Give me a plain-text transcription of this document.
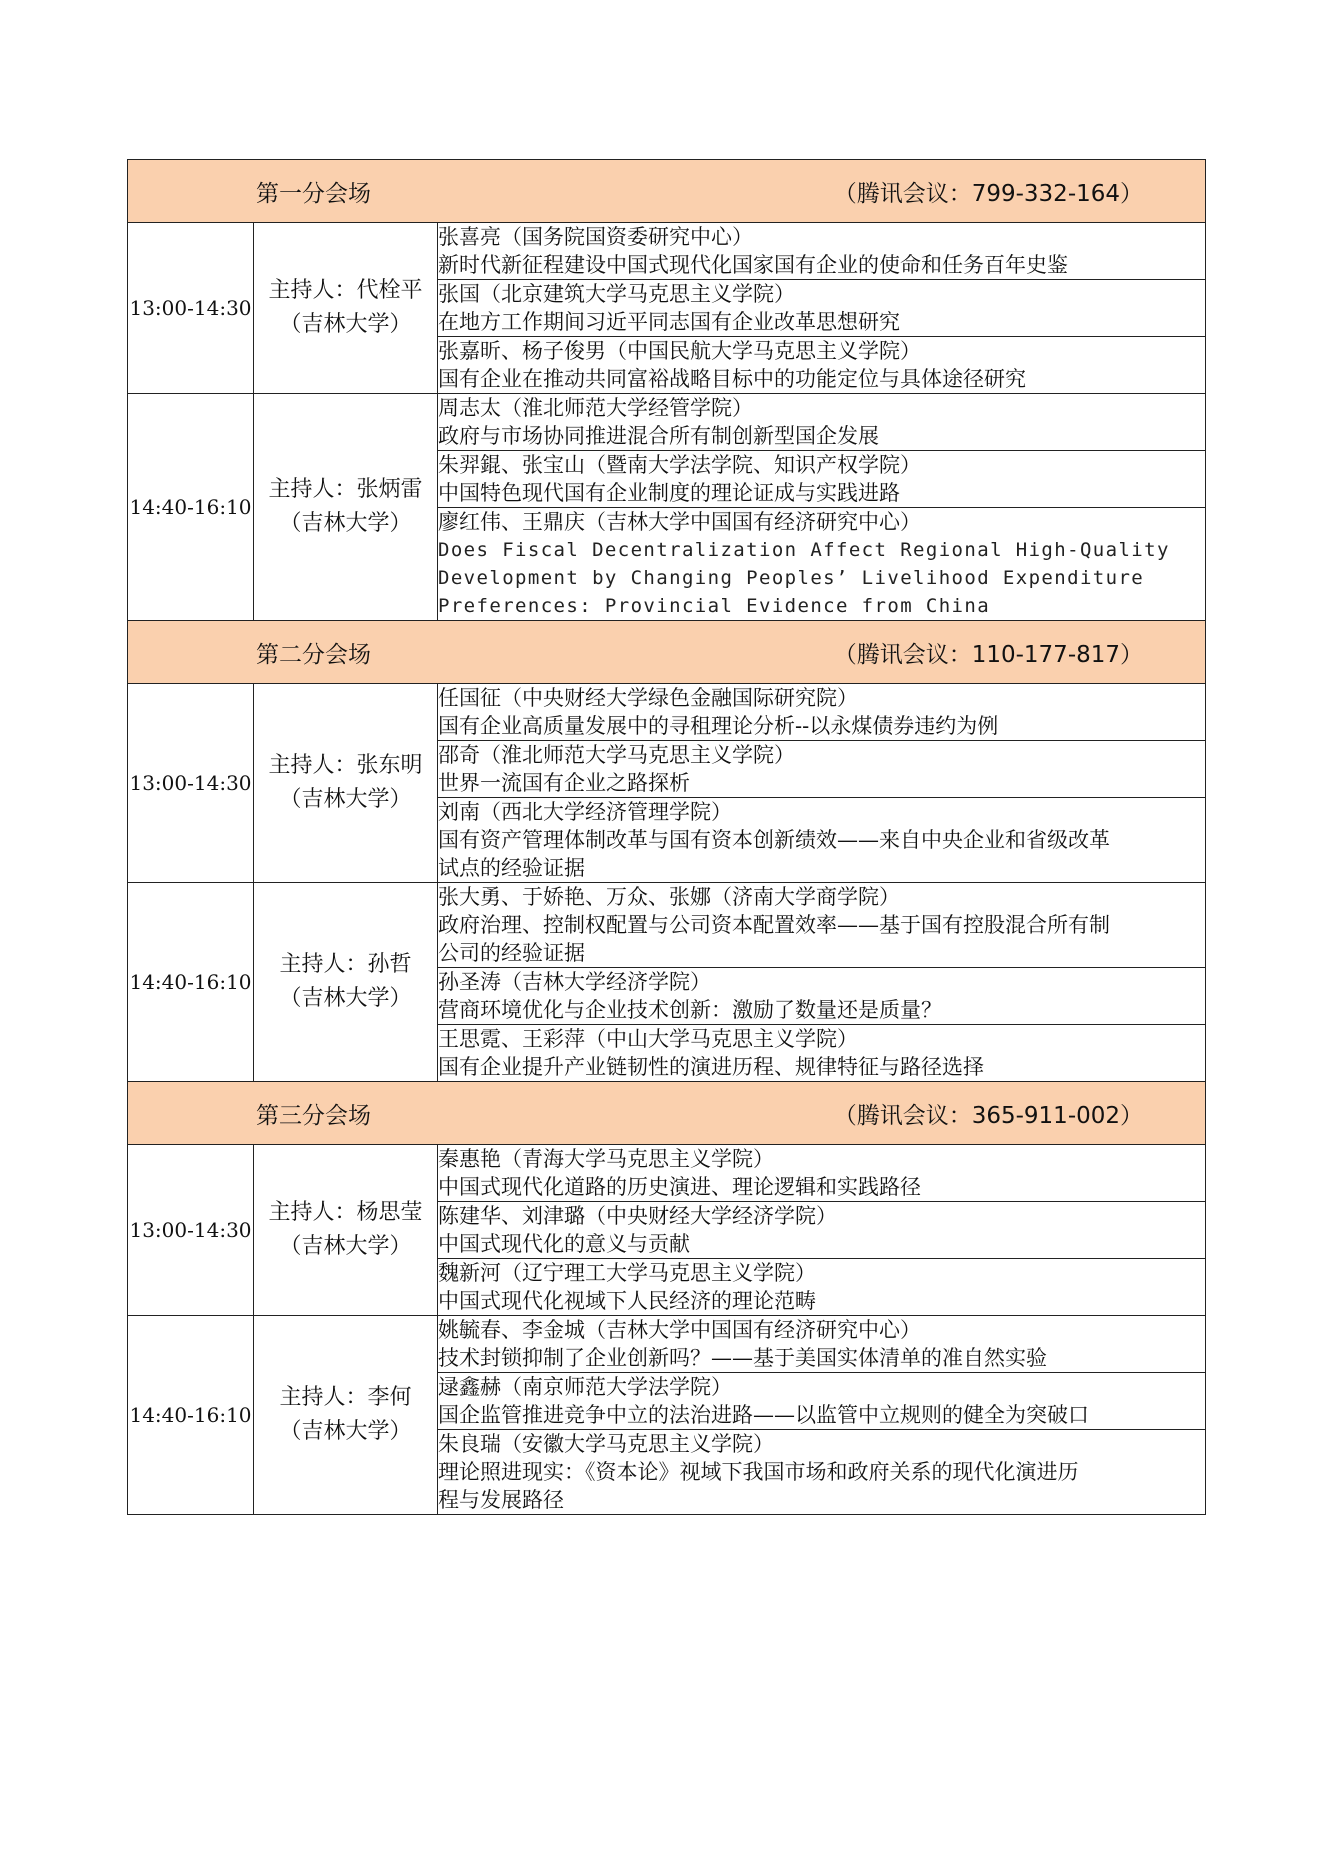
第一分会场 （腾讯会议：799-332-164）		

13:00-14:30	主持人：代栓平
（吉林大学）	张喜亮（国务院国资委研究中心）
新时代新征程建设中国式现代化国家国有企业的使命和任务百年史鉴

		张国（北京建筑大学马克思主义学院）
在地方工作期间习近平同志国有企业改革思想研究

		张嘉昕、杨子俊男（中国民航大学马克思主义学院）
国有企业在推动共同富裕战略目标中的功能定位与具体途径研究

14:40-16:10	主持人：张炳雷
（吉林大学）	周志太（淮北师范大学经管学院）
政府与市场协同推进混合所有制创新型国企发展

		朱羿錕、张宝山（暨南大学法学院、知识产权学院）
中国特色现代国有企业制度的理论证成与实践进路

		廖红伟、王鼎庆（吉林大学中国国有经济研究中心）
Does Fiscal Decentralization Affect Regional High-Quality
Development by Changing Peoples’ Livelihood Expenditure
Preferences: Provincial Evidence from China

第二分会场 （腾讯会议：110-177-817）		

13:00-14:30	主持人：张东明
（吉林大学）	任国征（中央财经大学绿色金融国际研究院）
国有企业高质量发展中的寻租理论分析--以永煤债券违约为例

		邵奇（淮北师范大学马克思主义学院）
世界一流国有企业之路探析

		刘南（西北大学经济管理学院）
国有资产管理体制改革与国有资本创新绩效——来自中央企业和省级改革
试点的经验证据

14:40-16:10	主持人：孙哲
（吉林大学）	张大勇、于娇艳、万众、张娜（济南大学商学院）
政府治理、控制权配置与公司资本配置效率——基于国有控股混合所有制
公司的经验证据

		孙圣涛（吉林大学经济学院）
营商环境优化与企业技术创新：激励了数量还是质量？

		王思霓、王彩萍（中山大学马克思主义学院）
国有企业提升产业链韧性的演进历程、规律特征与路径选择

第三分会场 （腾讯会议：365-911-002）		

13:00-14:30	主持人：杨思莹
（吉林大学）	秦惠艳（青海大学马克思主义学院）
中国式现代化道路的历史演进、理论逻辑和实践路径

		陈建华、刘津璐（中央财经大学经济学院）
中国式现代化的意义与贡献

		魏新河（辽宁理工大学马克思主义学院）
中国式现代化视域下人民经济的理论范畴

14:40-16:10	主持人：李何
（吉林大学）	姚毓春、李金城（吉林大学中国国有经济研究中心）
技术封锁抑制了企业创新吗？——基于美国实体清单的准自然实验

		逯鑫赫（南京师范大学法学院）
国企监管推进竞争中立的法治进路——以监管中立规则的健全为突破口

		朱良瑞（安徽大学马克思主义学院）
理论照进现实：《资本论》视域下我国市场和政府关系的现代化演进历
程与发展路径
